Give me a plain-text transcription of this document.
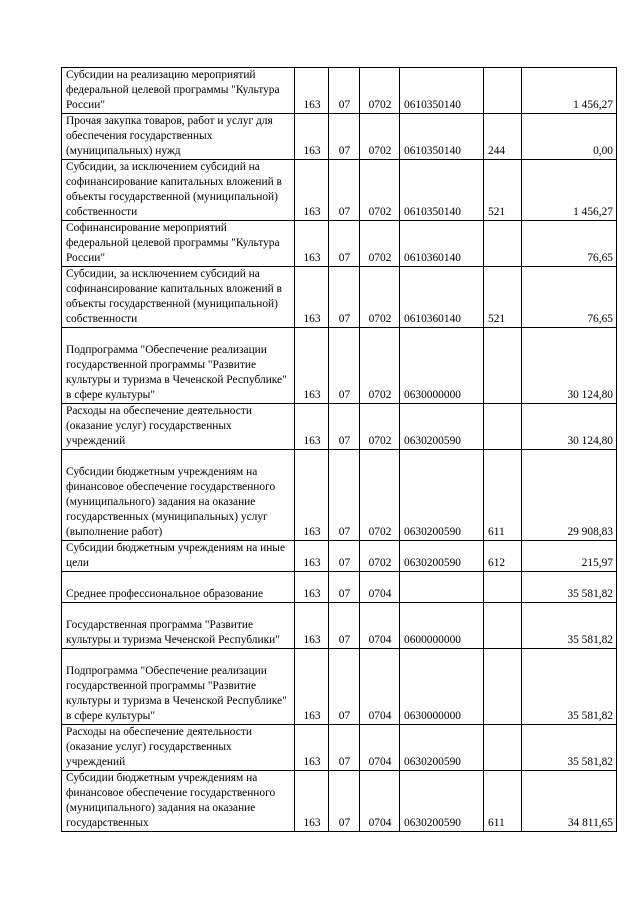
Субсидии на реализацию мероприятий федеральной целевой программы "Культура России"	163	07	0702	0610350140		1 456,27
Прочая закупка товаров, работ и услуг для обеспечения государственных (муниципальных) нужд	163	07	0702	0610350140	244	0,00
Субсидии, за исключением субсидий на софинансирование капитальных вложений в объекты государственной (муниципальной) собственности	163	07	0702	0610350140	521	1 456,27
Софинансирование мероприятий федеральной целевой программы "Культура России"	163	07	0702	0610360140		76,65
Субсидии, за исключением субсидий на софинансирование капитальных вложений в объекты государственной (муниципальной) собственности	163	07	0702	0610360140	521	76,65
Подпрограмма "Обеспечение реализации государственной программы "Развитие культуры и туризма в Чеченской Республике" в сфере культуры"	163	07	0702	0630000000		30 124,80
Расходы на обеспечение деятельности (оказание услуг) государственных учреждений	163	07	0702	0630200590		30 124,80
Субсидии бюджетным учреждениям на финансовое обеспечение государственного (муниципального) задания на оказание государственных (муниципальных) услуг (выполнение работ)	163	07	0702	0630200590	611	29 908,83
Субсидии бюджетным учреждениям на иные цели	163	07	0702	0630200590	612	215,97
Среднее профессиональное образование	163	07	0704			35 581,82
Государственная программа "Развитие культуры и туризма Чеченской Республики"	163	07	0704	0600000000		35 581,82
Подпрограмма "Обеспечение реализации государственной программы "Развитие культуры и туризма в Чеченской Республике" в сфере культуры"	163	07	0704	0630000000		35 581,82
Расходы на обеспечение деятельности (оказание услуг) государственных учреждений	163	07	0704	0630200590		35 581,82
Субсидии бюджетным учреждениям на финансовое обеспечение государственного (муниципального) задания на оказание государственных	163	07	0704	0630200590	611	34 811,65
